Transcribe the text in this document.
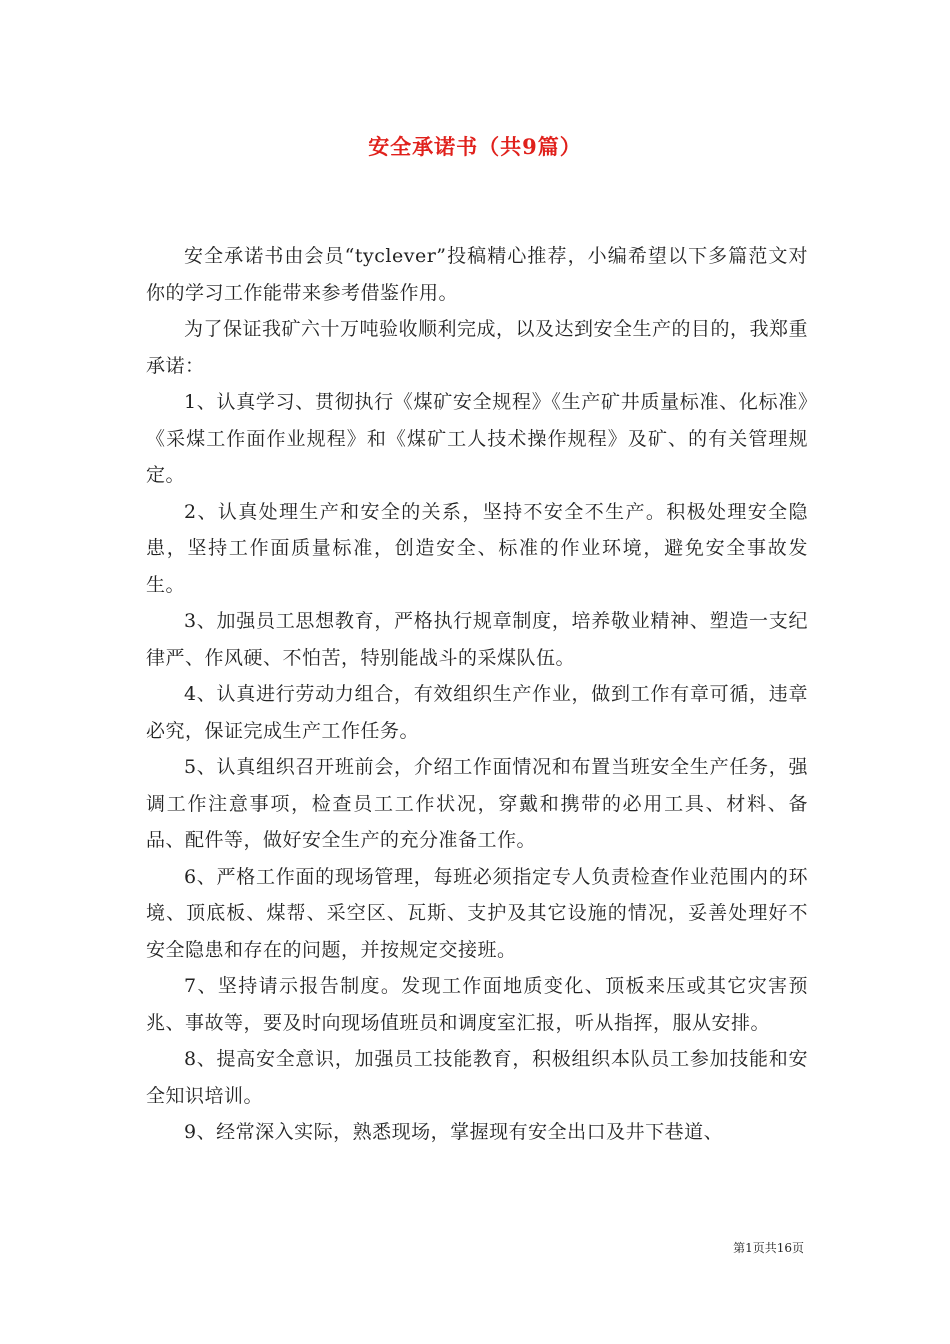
安全承诺书（共9篇）

安全承诺书由会员“tyclever”投稿精心推荐，小编希望以下多篇范文对你的学习工作能带来参考借鉴作用。

为了保证我矿六十万吨验收顺利完成，以及达到安全生产的目的，我郑重承诺：

1、认真学习、贯彻执行《煤矿安全规程》《生产矿井质量标准、化标准》《采煤工作面作业规程》和《煤矿工人技术操作规程》及矿、的有关管理规定。

2、认真处理生产和安全的关系，坚持不安全不生产。积极处理安全隐患，坚持工作面质量标准，创造安全、标准的作业环境，避免安全事故发生。

3、加强员工思想教育，严格执行规章制度，培养敬业精神、塑造一支纪律严、作风硬、不怕苦，特别能战斗的采煤队伍。

4、认真进行劳动力组合，有效组织生产作业，做到工作有章可循，违章必究，保证完成生产工作任务。

5、认真组织召开班前会，介绍工作面情况和布置当班安全生产任务，强调工作注意事项，检查员工工作状况，穿戴和携带的必用工具、材料、备品、配件等，做好安全生产的充分准备工作。

6、严格工作面的现场管理，每班必须指定专人负责检查作业范围内的环境、顶底板、煤帮、采空区、瓦斯、支护及其它设施的情况，妥善处理好不安全隐患和存在的问题，并按规定交接班。

7、坚持请示报告制度。发现工作面地质变化、顶板来压或其它灾害预兆、事故等，要及时向现场值班员和调度室汇报，听从指挥，服从安排。

8、提高安全意识，加强员工技能教育，积极组织本队员工参加技能和安全知识培训。

9、经常深入实际，熟悉现场，掌握现有安全出口及井下巷道、

第1页共16页
